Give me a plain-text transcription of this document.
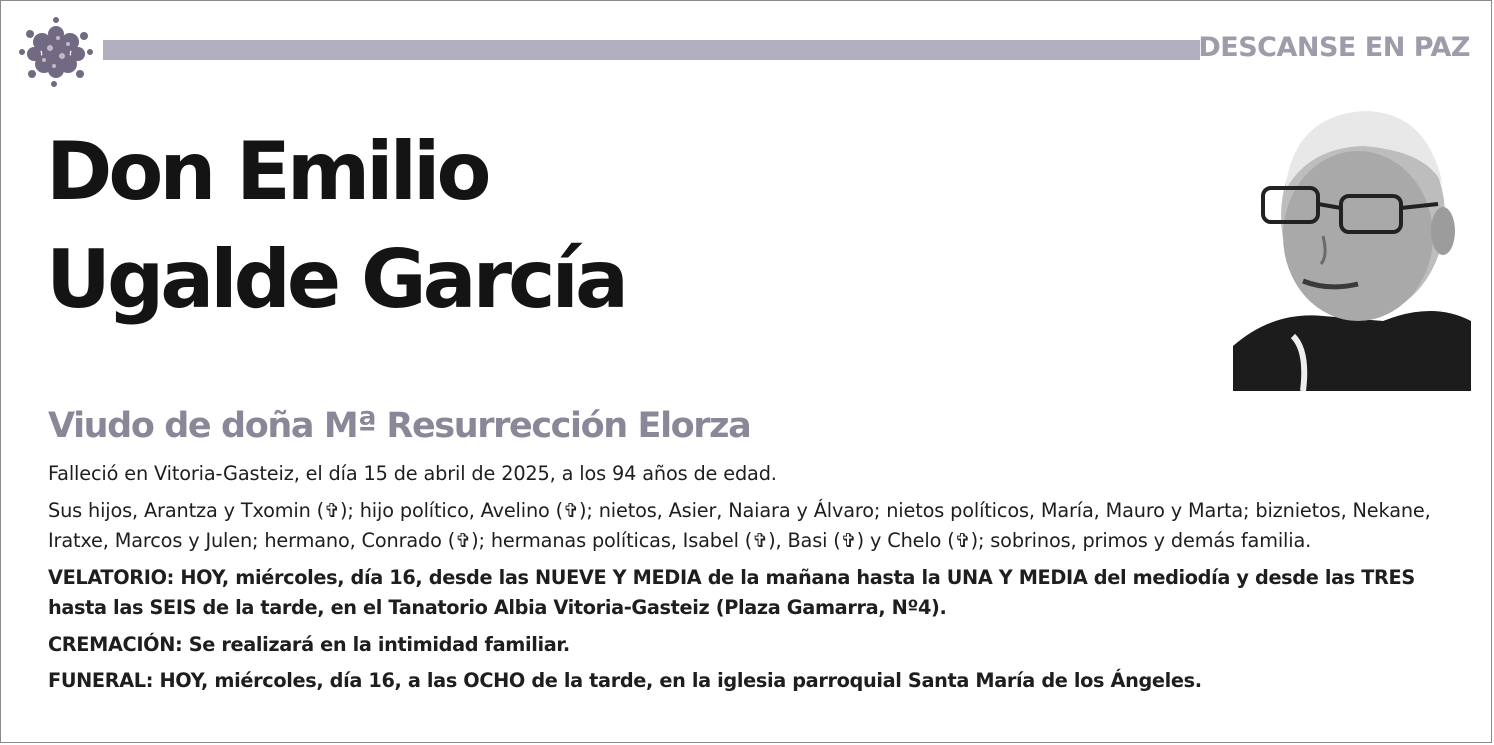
DESCANSE EN PAZ
Don Emilio
Ugalde García
Viudo de doña Mª Resurrección Elorza

Falleció en Vitoria-Gasteiz, el día 15 de abril de 2025, a los 94 años de edad.

Sus hijos, Arantza y Txomin (✞); hijo político, Avelino (✞); nietos, Asier, Naiara y Álvaro; nietos políticos, María, Mauro y Marta; biznietos, Nekane, Iratxe, Marcos y Julen; hermano, Conrado (✞); hermanas políticas, Isabel (✞), Basi (✞) y Chelo (✞); sobrinos, primos y demás familia.

VELATORIO: HOY, miércoles, día 16, desde las NUEVE Y MEDIA de la mañana hasta la UNA Y MEDIA del mediodía y desde las TRES hasta las SEIS de la tarde, en el Tanatorio Albia Vitoria-Gasteiz (Plaza Gamarra, Nº4).

CREMACIÓN: Se realizará en la intimidad familiar.

FUNERAL: HOY, miércoles, día 16, a las OCHO de la tarde, en la iglesia parroquial Santa María de los Ángeles.
